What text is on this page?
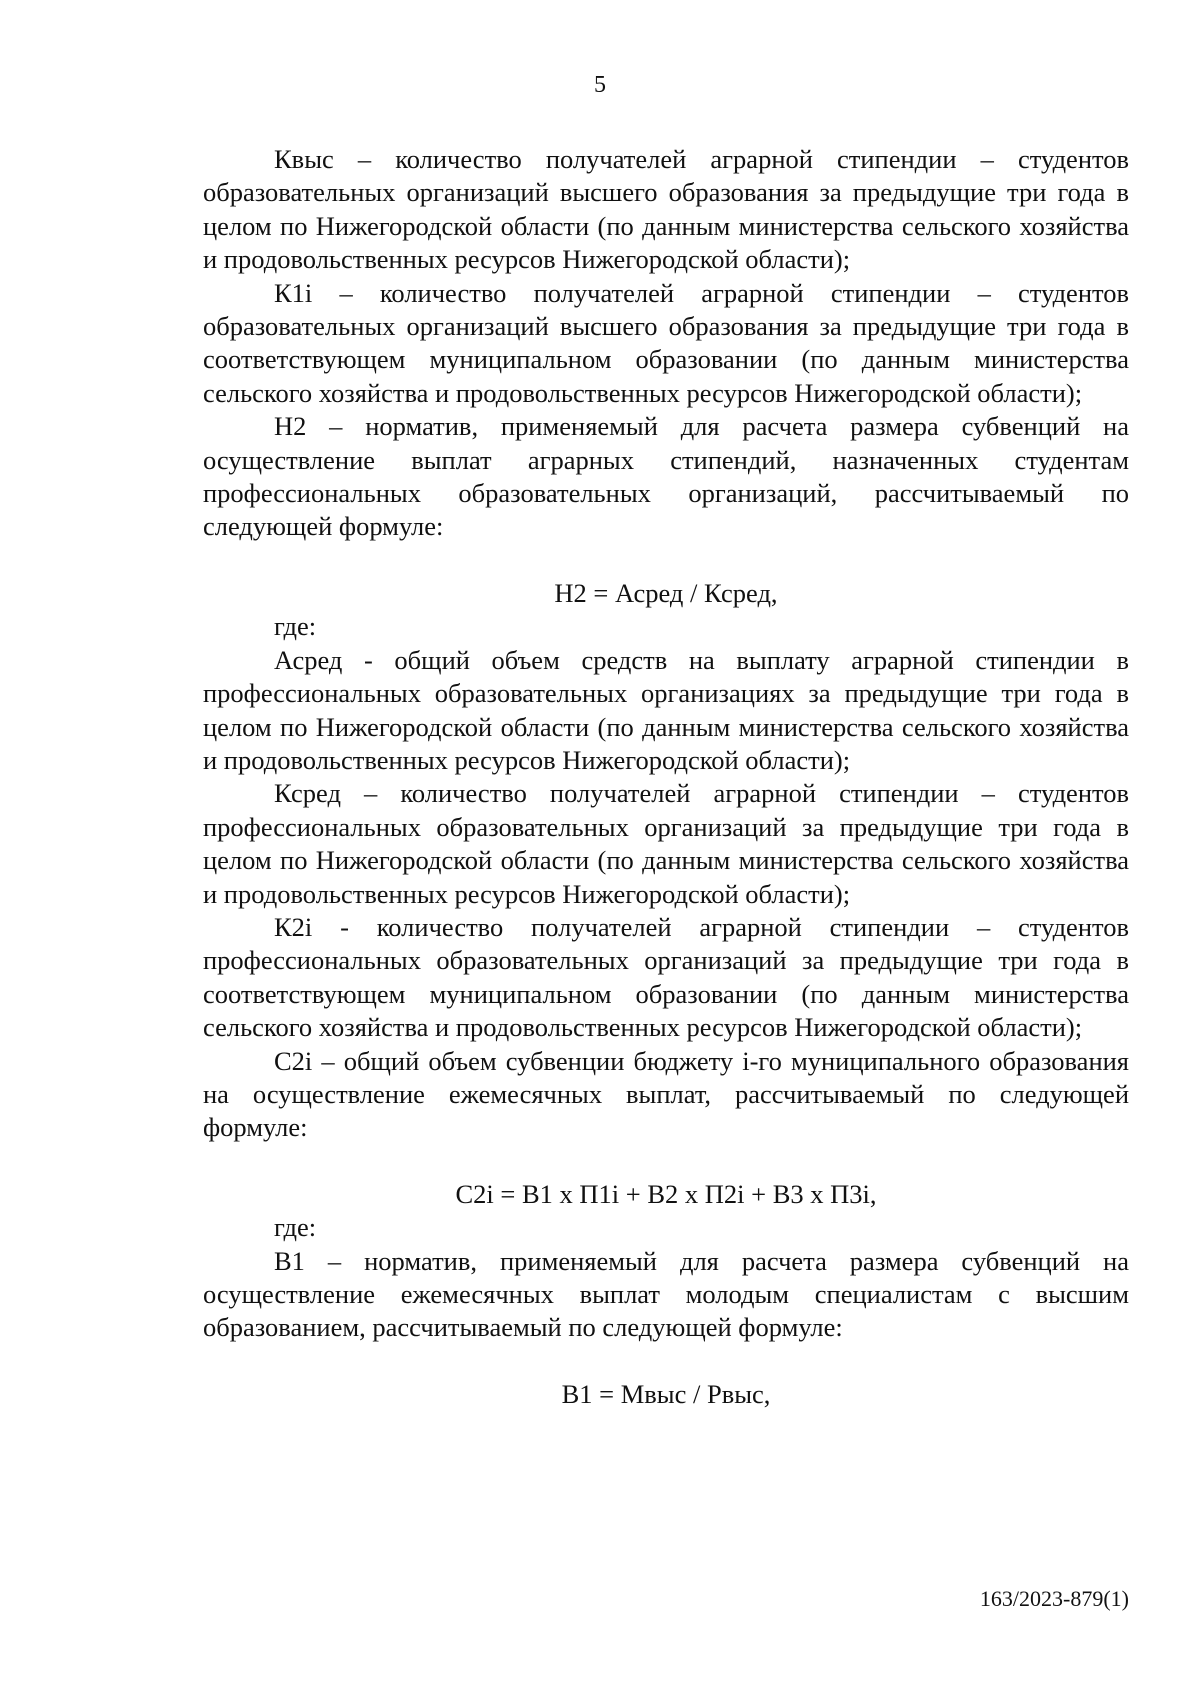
5

Квыс – количество получателей аграрной стипендии – студентов образовательных организаций высшего образования за предыдущие три года в целом по Нижегородской области (по данным министерства сельского хозяйства и продовольственных ресурсов Нижегородской области);

К1i – количество получателей аграрной стипендии – студентов образовательных организаций высшего образования за предыдущие три года в соответствующем муниципальном образовании (по данным министерства сельского хозяйства и продовольственных ресурсов Нижегородской области);

Н2 – норматив, применяемый для расчета размера субвенций на осуществление выплат аграрных стипендий, назначенных студентам профессиональных образовательных организаций, рассчитываемый по следующей формуле:

Н2 = Асред / Ксред,

где:

Асред - общий объем средств на выплату аграрной стипендии в профессиональных образовательных организациях за предыдущие три года в целом по Нижегородской области (по данным министерства сельского хозяйства и продовольственных ресурсов Нижегородской области);

Ксред – количество получателей аграрной стипендии – студентов профессиональных образовательных организаций за предыдущие три года в целом по Нижегородской области (по данным министерства сельского хозяйства и продовольственных ресурсов Нижегородской области);

К2i - количество получателей аграрной стипендии – студентов профессиональных образовательных организаций за предыдущие три года в соответствующем муниципальном образовании (по данным министерства сельского хозяйства и продовольственных ресурсов Нижегородской области);

С2i – общий объем субвенции бюджету i-го муниципального образования на осуществление ежемесячных выплат, рассчитываемый по следующей формуле:

С2i = В1 х П1i + В2 х П2i + В3 х П3i,

где:

В1 – норматив, применяемый для расчета размера субвенций на осуществление ежемесячных выплат молодым специалистам с высшим образованием, рассчитываемый по следующей формуле:

В1 = Мвыс / Рвыс,

163/2023-879(1)
